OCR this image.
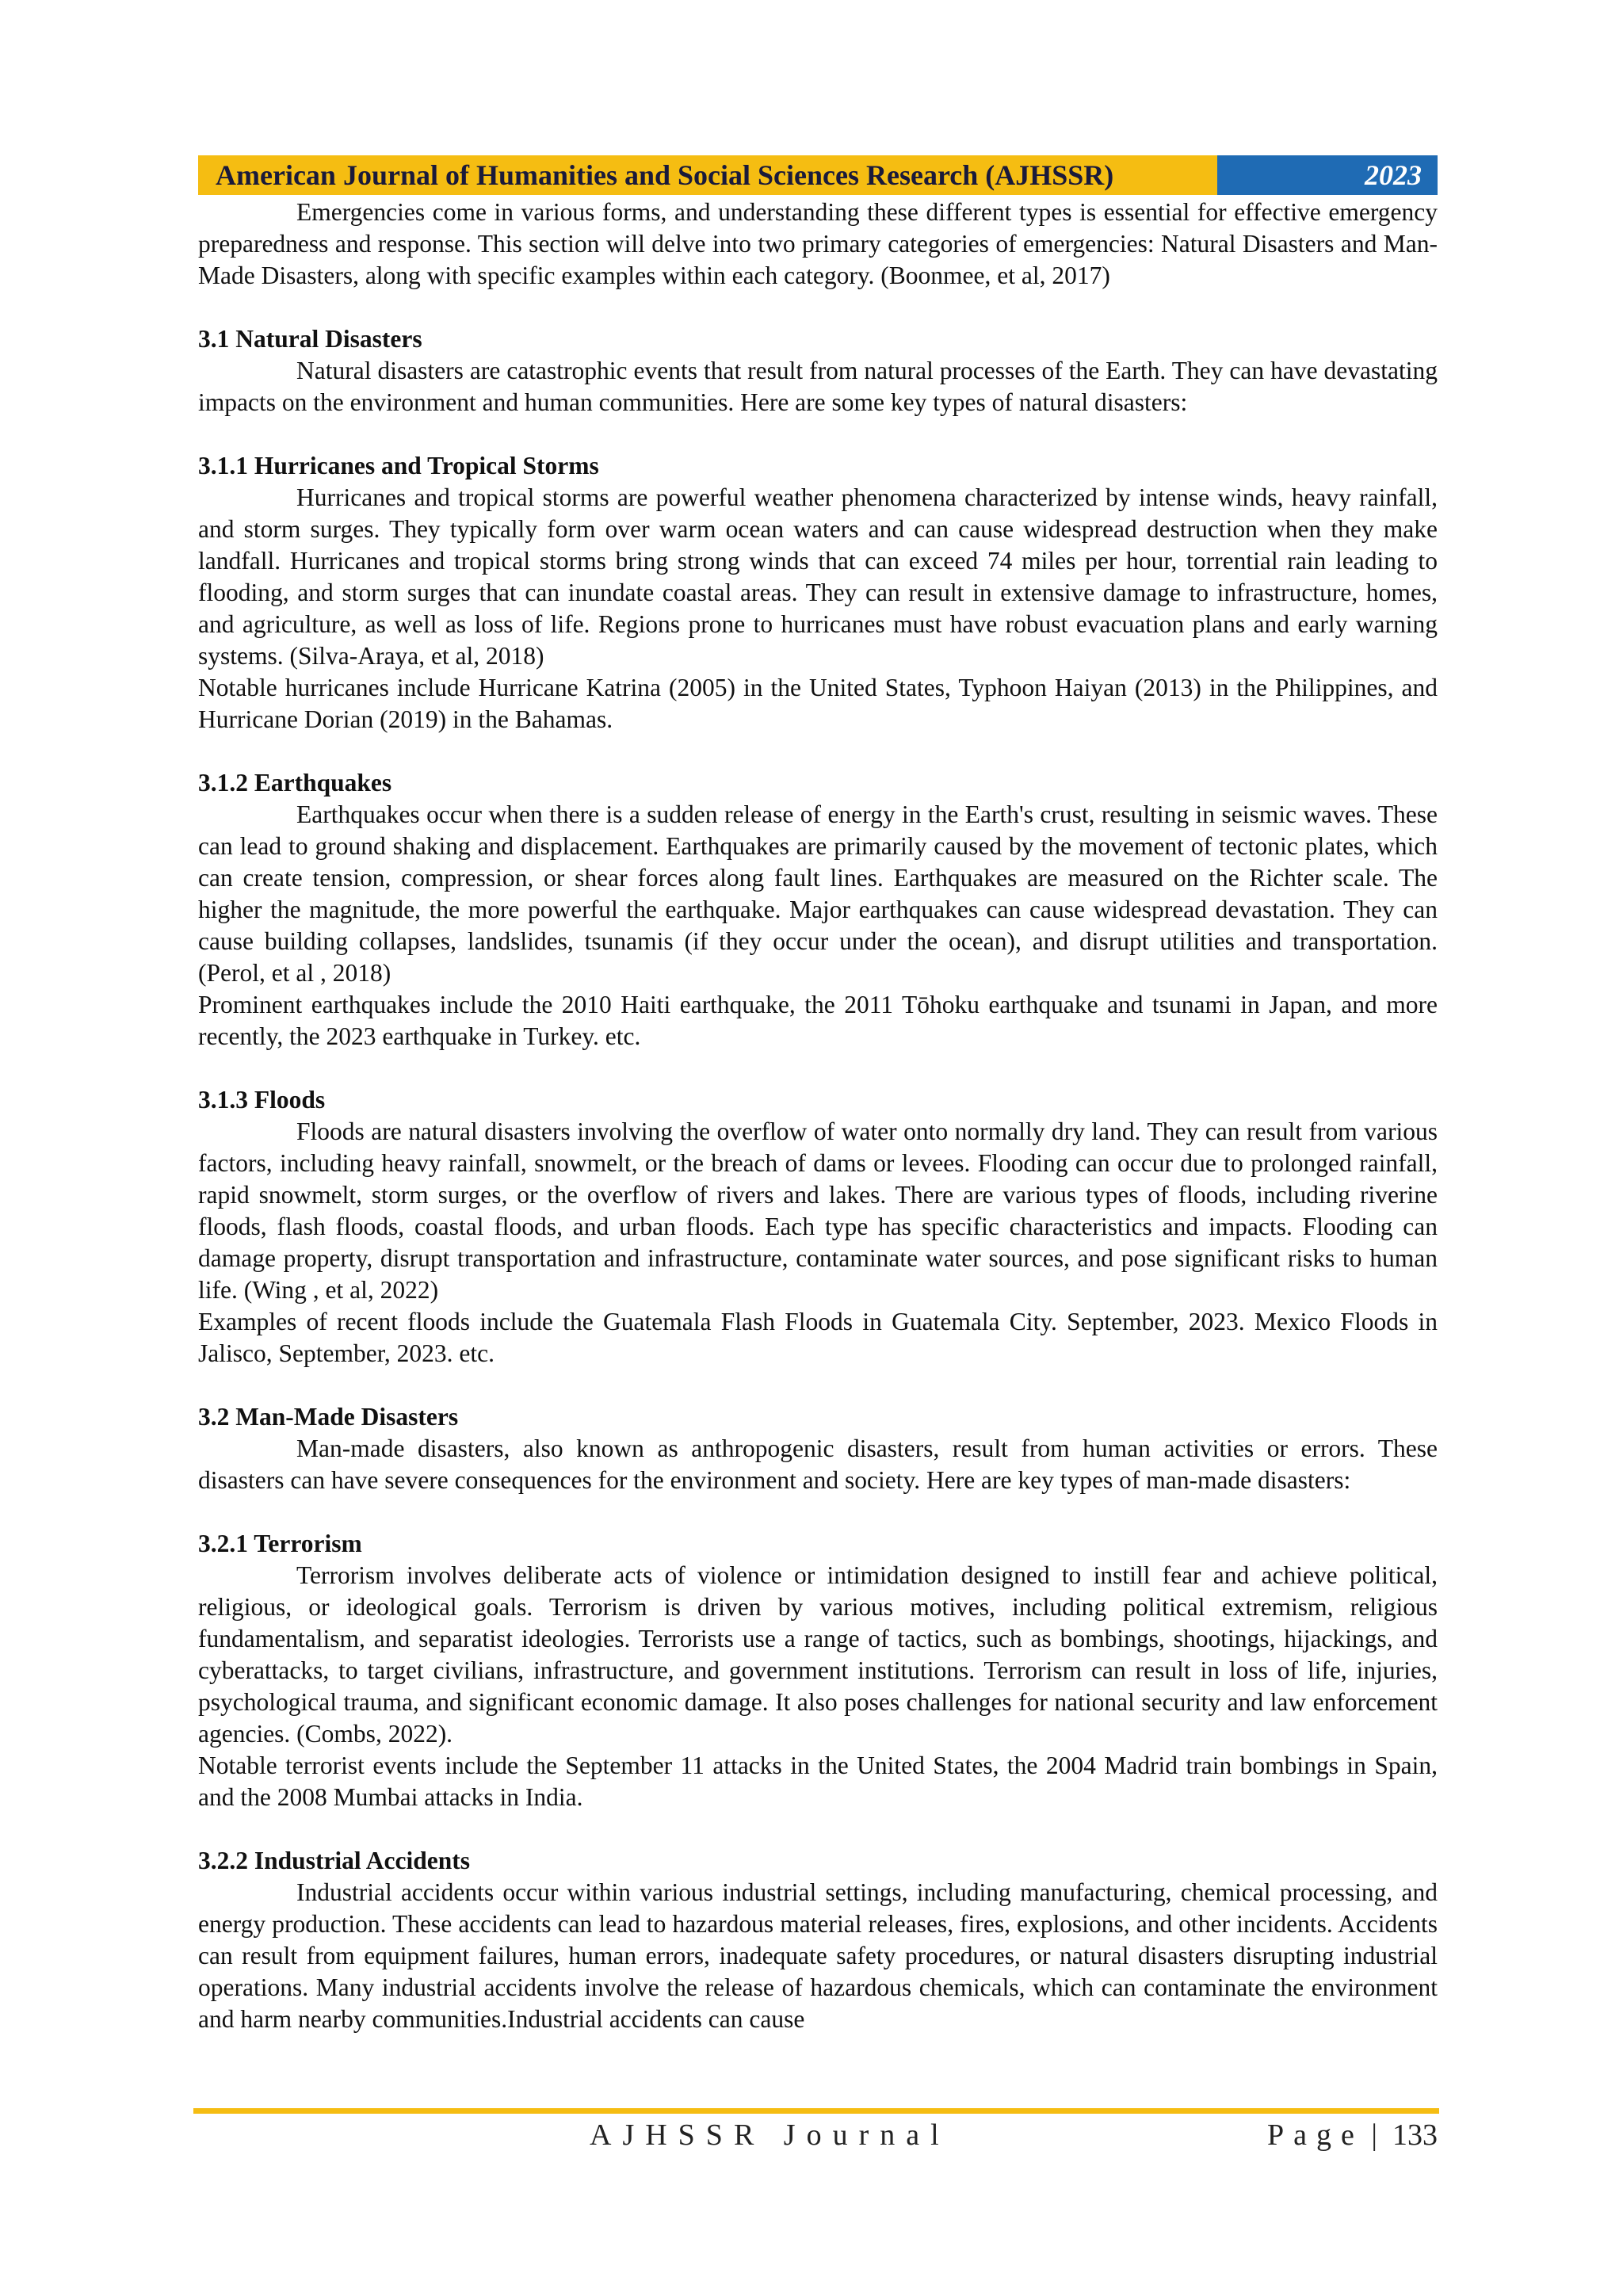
American Journal of Humanities and Social Sciences Research (AJHSSR)	2023

Emergencies come in various forms, and understanding these different types is essential for effective emergency preparedness and response. This section will delve into two primary categories of emergencies: Natural Disasters and Man-Made Disasters, along with specific examples within each category. (Boonmee, et al, 2017)

3.1 Natural Disasters

Natural disasters are catastrophic events that result from natural processes of the Earth. They can have devastating impacts on the environment and human communities. Here are some key types of natural disasters:

3.1.1 Hurricanes and Tropical Storms

Hurricanes and tropical storms are powerful weather phenomena characterized by intense winds, heavy rainfall, and storm surges. They typically form over warm ocean waters and can cause widespread destruction when they make landfall. Hurricanes and tropical storms bring strong winds that can exceed 74 miles per hour, torrential rain leading to flooding, and storm surges that can inundate coastal areas. They can result in extensive damage to infrastructure, homes, and agriculture, as well as loss of life. Regions prone to hurricanes must have robust evacuation plans and early warning systems. (Silva-Araya, et al, 2018)

Notable hurricanes include Hurricane Katrina (2005) in the United States, Typhoon Haiyan (2013) in the Philippines, and Hurricane Dorian (2019) in the Bahamas.

3.1.2 Earthquakes

Earthquakes occur when there is a sudden release of energy in the Earth's crust, resulting in seismic waves. These can lead to ground shaking and displacement. Earthquakes are primarily caused by the movement of tectonic plates, which can create tension, compression, or shear forces along fault lines. Earthquakes are measured on the Richter scale. The higher the magnitude, the more powerful the earthquake. Major earthquakes can cause widespread devastation. They can cause building collapses, landslides, tsunamis (if they occur under the ocean), and disrupt utilities and transportation. (Perol, et al , 2018)

Prominent earthquakes include the 2010 Haiti earthquake, the 2011 Tōhoku earthquake and tsunami in Japan, and more recently, the 2023 earthquake in Turkey. etc.

3.1.3 Floods

Floods are natural disasters involving the overflow of water onto normally dry land. They can result from various factors, including heavy rainfall, snowmelt, or the breach of dams or levees. Flooding can occur due to prolonged rainfall, rapid snowmelt, storm surges, or the overflow of rivers and lakes. There are various types of floods, including riverine floods, flash floods, coastal floods, and urban floods. Each type has specific characteristics and impacts. Flooding can damage property, disrupt transportation and infrastructure, contaminate water sources, and pose significant risks to human life. (Wing , et al, 2022)

Examples of recent floods include the Guatemala Flash Floods in Guatemala City. September, 2023. Mexico Floods in Jalisco, September, 2023. etc.

3.2 Man-Made Disasters

Man-made disasters, also known as anthropogenic disasters, result from human activities or errors. These disasters can have severe consequences for the environment and society. Here are key types of man-made disasters:

3.2.1 Terrorism

Terrorism involves deliberate acts of violence or intimidation designed to instill fear and achieve political, religious, or ideological goals. Terrorism is driven by various motives, including political extremism, religious fundamentalism, and separatist ideologies. Terrorists use a range of tactics, such as bombings, shootings, hijackings, and cyberattacks, to target civilians, infrastructure, and government institutions. Terrorism can result in loss of life, injuries, psychological trauma, and significant economic damage. It also poses challenges for national security and law enforcement agencies. (Combs, 2022).

Notable terrorist events include the September 11 attacks in the United States, the 2004 Madrid train bombings in Spain, and the 2008 Mumbai attacks in India.

3.2.2 Industrial Accidents

Industrial accidents occur within various industrial settings, including manufacturing, chemical processing, and energy production. These accidents can lead to hazardous material releases, fires, explosions, and other incidents. Accidents can result from equipment failures, human errors, inadequate safety procedures, or natural disasters disrupting industrial operations. Many industrial accidents involve the release of hazardous chemicals, which can contaminate the environment and harm nearby communities.Industrial accidents can cause

AJHSSR Journal	Page | 133
